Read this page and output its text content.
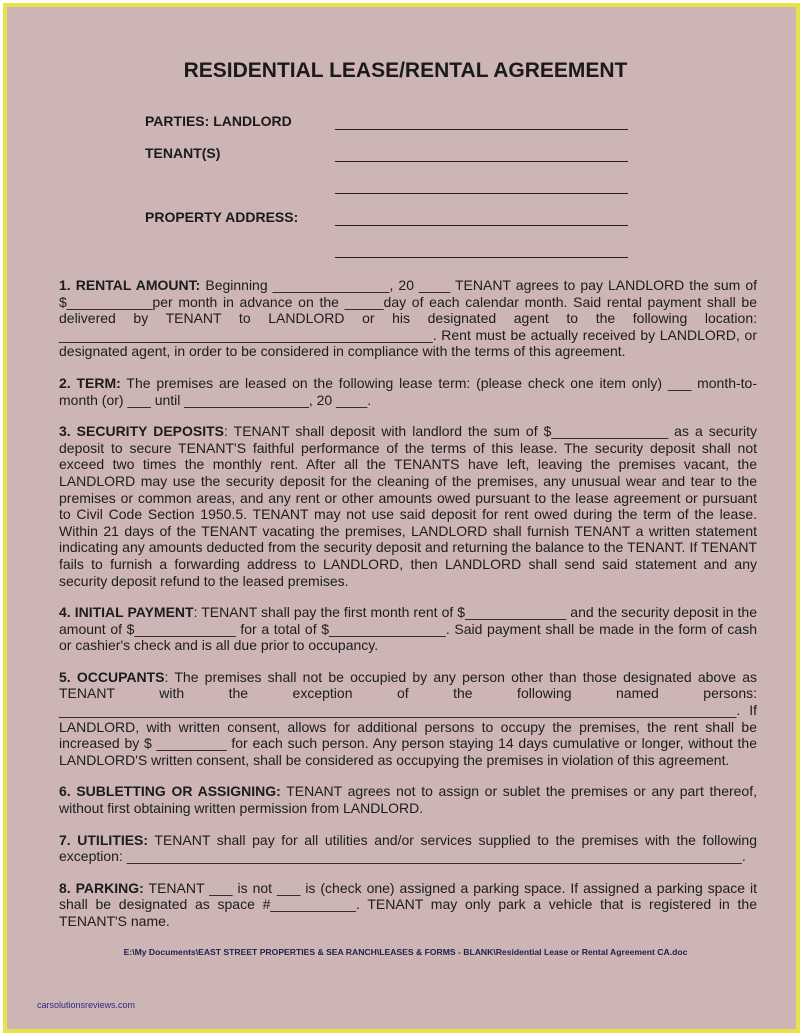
RESIDENTIAL LEASE/RENTAL AGREEMENT
PARTIES: LANDLORD
TENANT(S)
PROPERTY ADDRESS:

1. RENTAL AMOUNT: Beginning _______________, 20 ____ TENANT agrees to pay LANDLORD the sum of $___________per month in advance on the _____day of each calendar month. Said rental payment shall be delivered by TENANT to LANDLORD or his designated agent to the following location: ________________________________________________. Rent must be actually received by LANDLORD, or designated agent, in order to be considered in compliance with the terms of this agreement.

2. TERM: The premises are leased on the following lease term: (please check one item only) ___ month-to-month (or) ___ until ________________, 20 ____.

3. SECURITY DEPOSITS: TENANT shall deposit with landlord the sum of $_______________ as a security deposit to secure TENANT'S faithful performance of the terms of this lease. The security deposit shall not exceed two times the monthly rent. After all the TENANTS have left, leaving the premises vacant, the LANDLORD may use the security deposit for the cleaning of the premises, any unusual wear and tear to the premises or common areas, and any rent or other amounts owed pursuant to the lease agreement or pursuant to Civil Code Section 1950.5. TENANT may not use said deposit for rent owed during the term of the lease. Within 21 days of the TENANT vacating the premises, LANDLORD shall furnish TENANT a written statement indicating any amounts deducted from the security deposit and returning the balance to the TENANT. If TENANT fails to furnish a forwarding address to LANDLORD, then LANDLORD shall send said statement and any security deposit refund to the leased premises.

4. INITIAL PAYMENT: TENANT shall pay the first month rent of $_____________ and the security deposit in the amount of $_____________ for a total of $_______________. Said payment shall be made in the form of cash or cashier's check and is all due prior to occupancy.

5. OCCUPANTS: The premises shall not be occupied by any person other than those designated above as TENANT with the exception of the following named persons: _______________________________________________________________________________________. If LANDLORD, with written consent, allows for additional persons to occupy the premises, the rent shall be increased by $ _________ for each such person. Any person staying 14 days cumulative or longer, without the LANDLORD'S written consent, shall be considered as occupying the premises in violation of this agreement.

6. SUBLETTING OR ASSIGNING: TENANT agrees not to assign or sublet the premises or any part thereof, without first obtaining written permission from LANDLORD.

7. UTILITIES: TENANT shall pay for all utilities and/or services supplied to the premises with the following exception: _______________________________________________________________________________.

8. PARKING: TENANT ___ is not ___ is (check one) assigned a parking space. If assigned a parking space it shall be designated as space #___________. TENANT may only park a vehicle that is registered in the TENANT'S name.

E:\My Documents\EAST STREET PROPERTIES & SEA RANCH\LEASES & FORMS - BLANK\Residential Lease or Rental Agreement CA.doc
carsolutionsreviews.com
